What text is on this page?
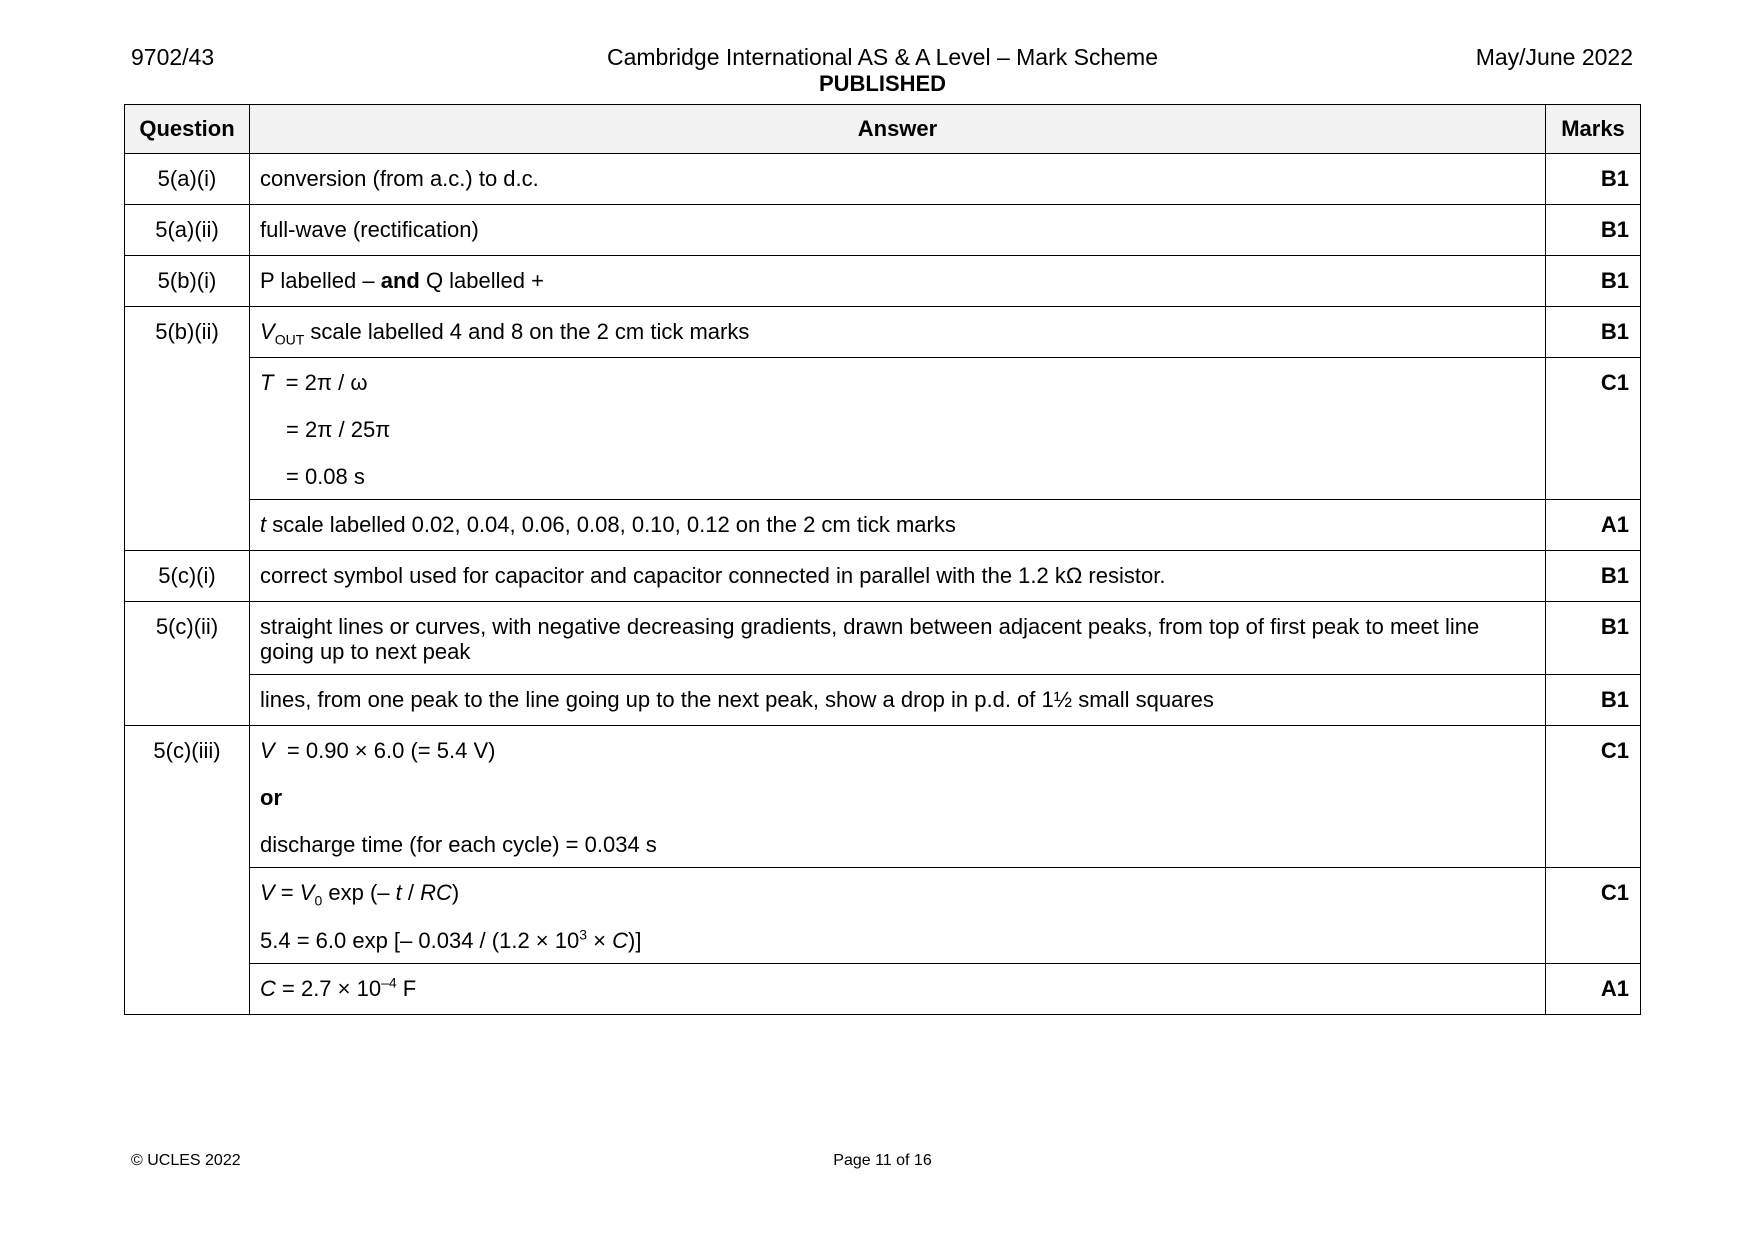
9702/43	Cambridge International AS & A Level – Mark Scheme
PUBLISHED
May/June 2022
Question	Answer	Marks
5(a)(i)	conversion (from a.c.) to d.c.	B1
5(a)(ii)	full-wave (rectification)	B1
5(b)(i)	P labelled – and Q labelled +	B1
5(b)(ii)	$V_{OUT}$ scale labelled 4 and 8 on the 2 cm tick marks	B1

	T  = 2π / ω
= 2π / 25π
= 0.08 s	C1
	t scale labelled 0.02, 0.04, 0.06, 0.08, 0.10, 0.12 on the 2 cm tick marks	A1
5(c)(i)	correct symbol used for capacitor and capacitor connected in parallel with the 1.2 kΩ resistor.	B1
5(c)(ii)	straight lines or curves, with negative decreasing gradients, drawn between adjacent peaks, from top of first peak to meet line going up to next peak	B1
	lines, from one peak to the line going up to the next peak, show a drop in p.d. of 1½ small squares	B1
5(c)(iii)	V  = 0.90 × 6.0 (= 5.4 V)
or
discharge time (for each cycle) = 0.034 s	C1

	$V = V_0$ exp (– t / RC)
5.4 = 6.0 exp [– $0.034 / (1.2 \times 10^3 \times C)$]	C1
	$C = 2.7 \times 10^{-4}$ F	A1
© UCLES 2022	Page 11 of 16
